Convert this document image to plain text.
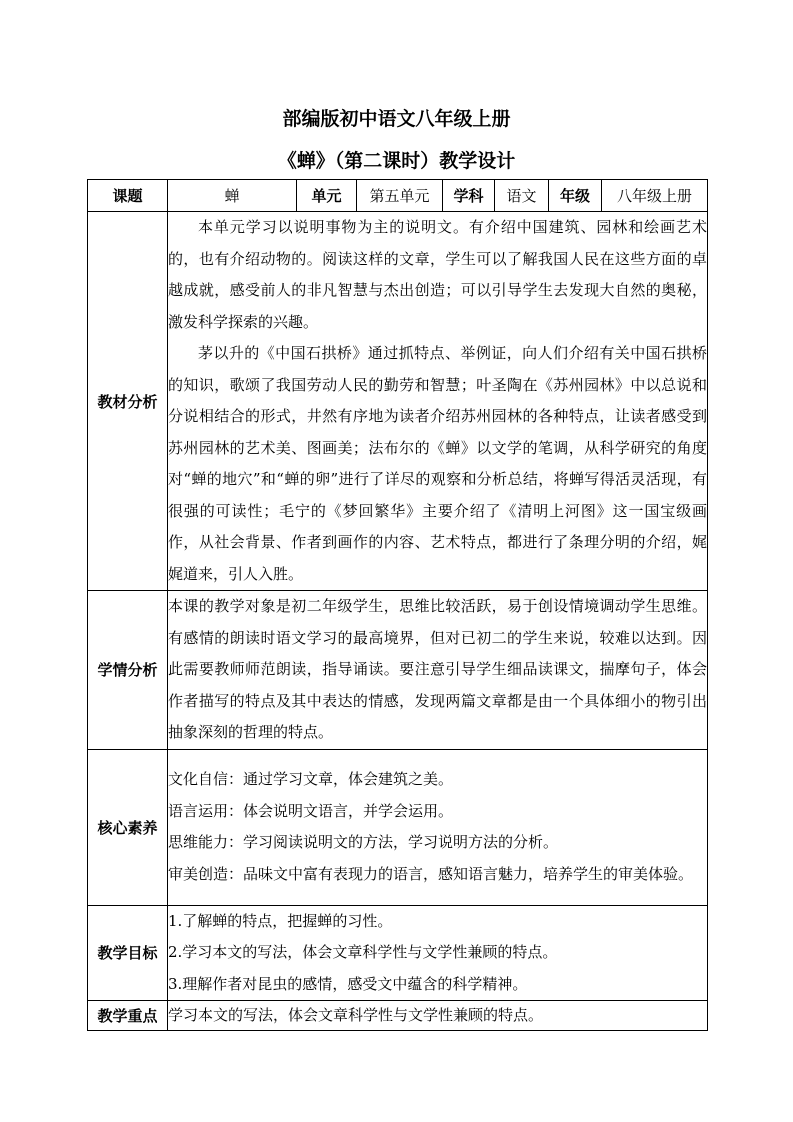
部编版初中语文八年级上册
《蝉》（第二课时）教学设计
课题	蝉	单元	第五单元	学科	语文	年级	八年级上册
教材分析	本单元学习以说明事物为主的说明文。有介绍中国建筑、园林和绘画艺术的，也有介绍动物的。阅读这样的文章，学生可以了解我国人民在这些方面的卓越成就，感受前人的非凡智慧与杰出创造；可以引导学生去发现大自然的奥秘，激发科学探索的兴趣。

茅以升的《中国石拱桥》通过抓特点、举例证，向人们介绍有关中国石拱桥的知识，歌颂了我国劳动人民的勤劳和智慧；叶圣陶在《苏州园林》中以总说和分说相结合的形式，井然有序地为读者介绍苏州园林的各种特点，让读者感受到苏州园林的艺术美、图画美；法布尔的《蝉》以文学的笔调，从科学研究的角度对“蝉的地穴”和“蝉的卵”进行了详尽的观察和分析总结，将蝉写得活灵活现，有很强的可读性；毛宁的《梦回繁华》主要介绍了《清明上河图》这一国宝级画作，从社会背景、作者到画作的内容、艺术特点，都进行了条理分明的介绍，娓娓道来，引人入胜。						

学情分析	本课的教学对象是初二年级学生，思维比较活跃，易于创设情境调动学生思维。有感情的朗读时语文学习的最高境界，但对已初二的学生来说，较难以达到。因此需要教师师范朗读，指导诵读。要注意引导学生细品读课文，揣摩句子，体会作者描写的特点及其中表达的情感，发现两篇文章都是由一个具体细小的物引出抽象深刻的哲理的特点。						

核心素养	文化自信：通过学习文章，体会建筑之美。

语言运用：体会说明文语言，并学会运用。

思维能力：学习阅读说明文的方法，学习说明方法的分析。

审美创造：品味文中富有表现力的语言，感知语言魅力，培养学生的审美体验。						

教学目标	1.了解蝉的特点，把握蝉的习性。

2.学习本文的写法，体会文章科学性与文学性兼顾的特点。

3.理解作者对昆虫的感情，感受文中蕴含的科学精神。						

教学重点	学习本文的写法，体会文章科学性与文学性兼顾的特点。						
